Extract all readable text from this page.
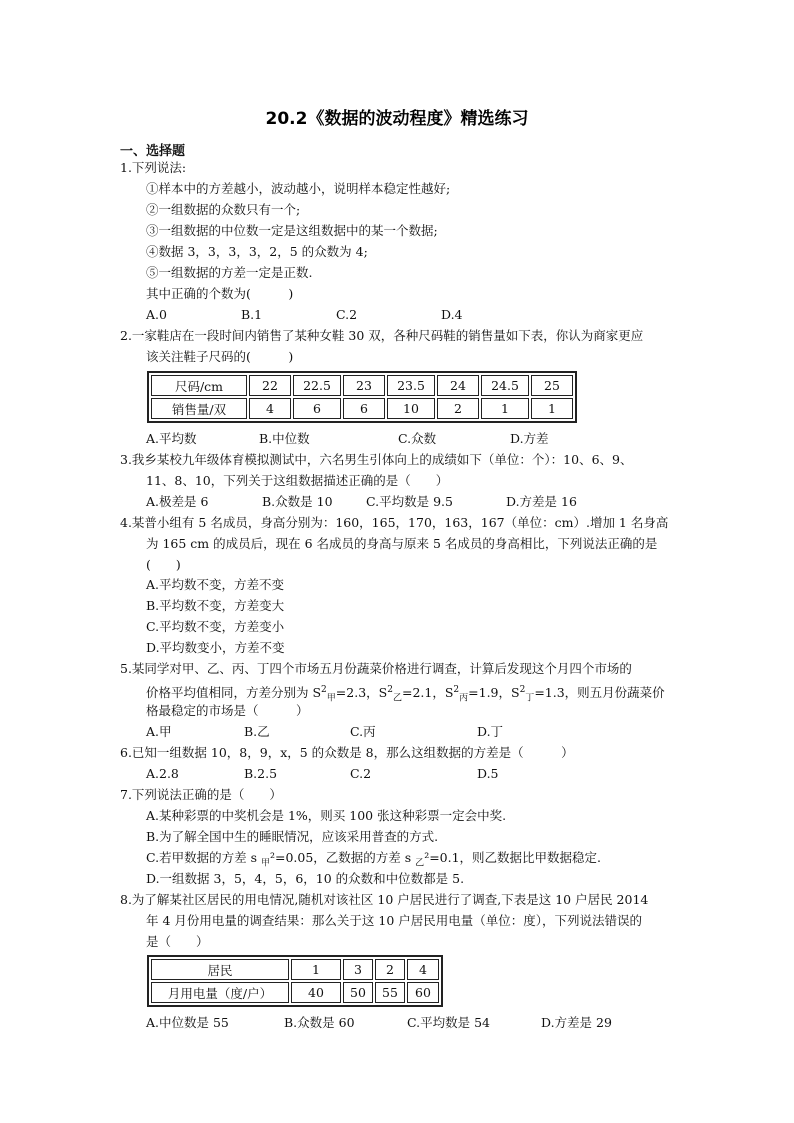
20.2《数据的波动程度》精选练习
一、选择题
1.下列说法:
①样本中的方差越小，波动越小，说明样本稳定性越好;
②一组数据的众数只有一个;
③一组数据的中位数一定是这组数据中的某一个数据;
④数据 3，3，3，3，2，5 的众数为 4;
⑤一组数据的方差一定是正数.
其中正确的个数为(　　　)
A.0	B.1	C.2	D.4
2.一家鞋店在一段时间内销售了某种女鞋 30 双，各种尺码鞋的销售量如下表，你认为商家更应
该关注鞋子尺码的(　　　)
尺码/cm	22	22.5	23	23.5	24	24.5	25
销售量/双	4	6	6	10	2	1	1
A.平均数	B.中位数	C.众数	D.方差
3.我乡某校九年级体育模拟测试中，六名男生引体向上的成绩如下（单位：个）：10、6、9、
11、8、10，下列关于这组数据描述正确的是（　　）
A.极差是 6	B.众数是 10	C.平均数是 9.5	D.方差是 16
4.某普小组有 5 名成员，身高分别为：160，165，170，163，167（单位：cm）.增加 1 名身高
为 165 cm 的成员后，现在 6 名成员的身高与原来 5 名成员的身高相比，下列说法正确的是
(　　)
A.平均数不变，方差不变
B.平均数不变，方差变大
C.平均数不变，方差变小
D.平均数变小，方差不变
5.某同学对甲、乙、丙、丁四个市场五月份蔬菜价格进行调查，计算后发现这个月四个市场的
价格平均值相同，方差分别为 $S^2_甲=2.3$，$S^2_乙=2.1$，$S^2_丙=1.9$，$S^2_丁=1.3$，则五月份蔬菜价
格最稳定的市场是（　　　）
A.甲	B.乙	C.丙	D.丁
6.已知一组数据 10，8，9，x，5 的众数是 8，那么这组数据的方差是（　　　）
A.2.8	B.2.5	C.2	D.5
7.下列说法正确的是（　　）
A.某种彩票的中奖机会是 1%，则买 100 张这种彩票一定会中奖.
B.为了解全国中生的睡眠情况，应该采用普查的方式.
C.若甲数据的方差 s $_甲$²=0.05，乙数据的方差 s $_乙$²=0.1，则乙数据比甲数据稳定.
D.一组数据 3，5，4，5，6，10 的众数和中位数都是 5.
8.为了解某社区居民的用电情况,随机对该社区 10 户居民进行了调查,下表是这 10 户居民 2014
年 4 月份用电量的调查结果：那么关于这 10 户居民用电量（单位：度），下列说法错误的
是（　　）
居民	1	3	2	4
月用电量（度/户）	40	50	55	60
A.中位数是 55	B.众数是 60	C.平均数是 54	D.方差是 29
